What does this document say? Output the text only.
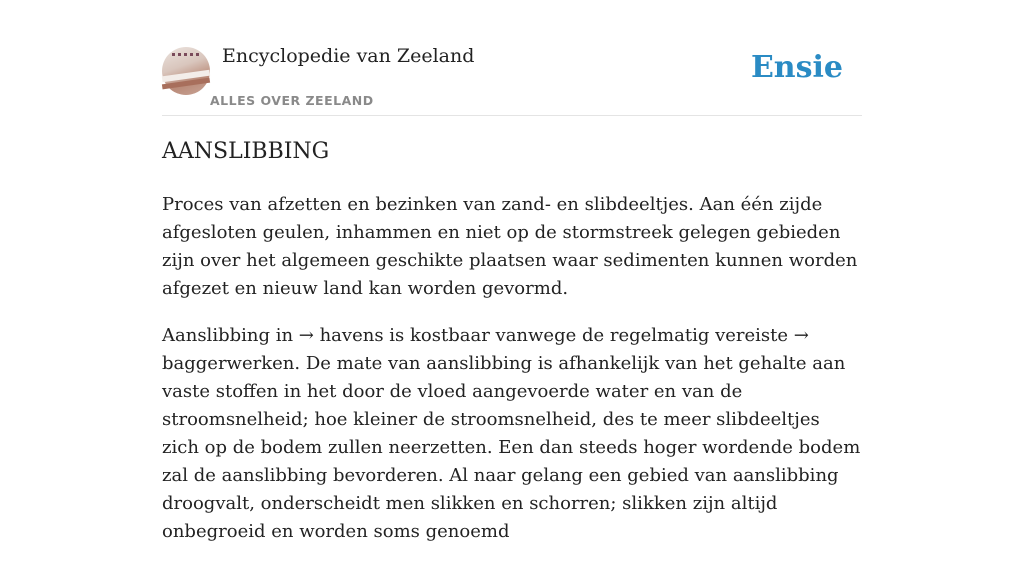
Encyclopedie van Zeeland
ALLES OVER ZEELAND
Ensie
AANSLIBBING

Proces van afzetten en bezinken van zand- en slibdeeltjes. Aan één zijde afgesloten geulen, inhammen en niet op de stormstreek gelegen gebieden zijn over het algemeen geschikte plaatsen waar sedimenten kunnen worden afgezet en nieuw land kan worden gevormd.

Aanslibbing in → havens is kostbaar vanwege de regelmatig vereiste → baggerwerken. De mate van aanslibbing is afhankelijk van het gehalte aan vaste stoffen in het door de vloed aangevoerde water en van de stroomsnelheid; hoe kleiner de stroomsnelheid, des te meer slibdeeltjes zich op de bodem zullen neerzetten. Een dan steeds hoger wordende bodem zal de aanslibbing bevorderen. Al naar gelang een gebied van aanslibbing droogvalt, onderscheidt men slikken en schorren; slikken zijn altijd onbegroeid en worden soms genoemd
